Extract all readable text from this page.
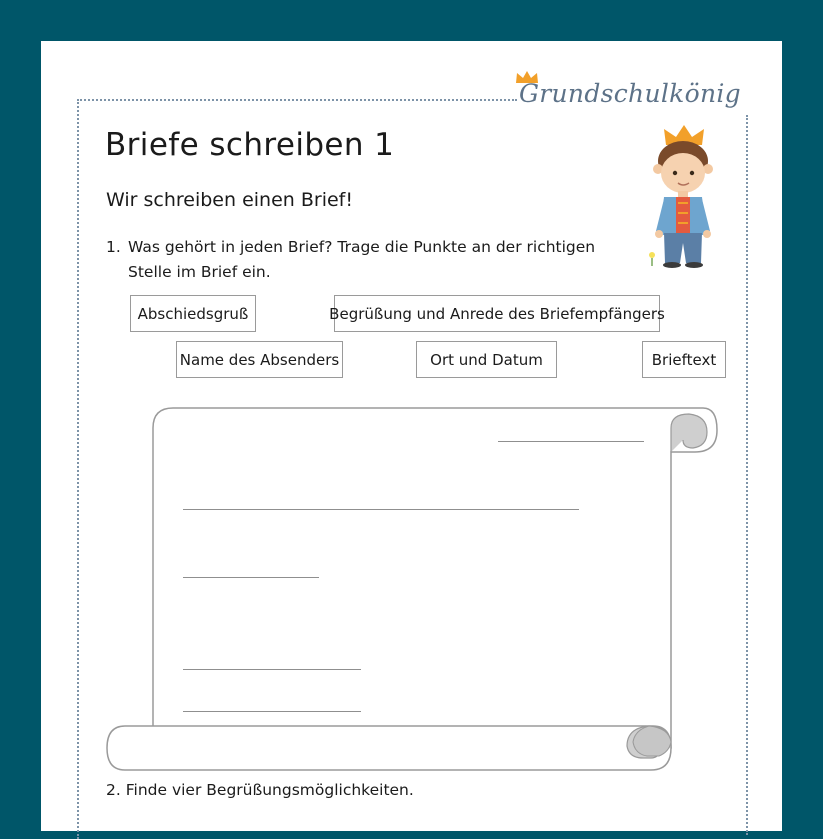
Grundschulkönig
Briefe schreiben 1
Wir schreiben einen Brief!
1. Was gehört in jeden Brief? Trage die Punkte an der richtigen Stelle im Brief ein.
Abschiedsgruß	Begrüßung und Anrede des Briefempfängers
Name des Absenders	Ort und Datum	Brieftext
2. Finde vier Begrüßungsmöglichkeiten.
